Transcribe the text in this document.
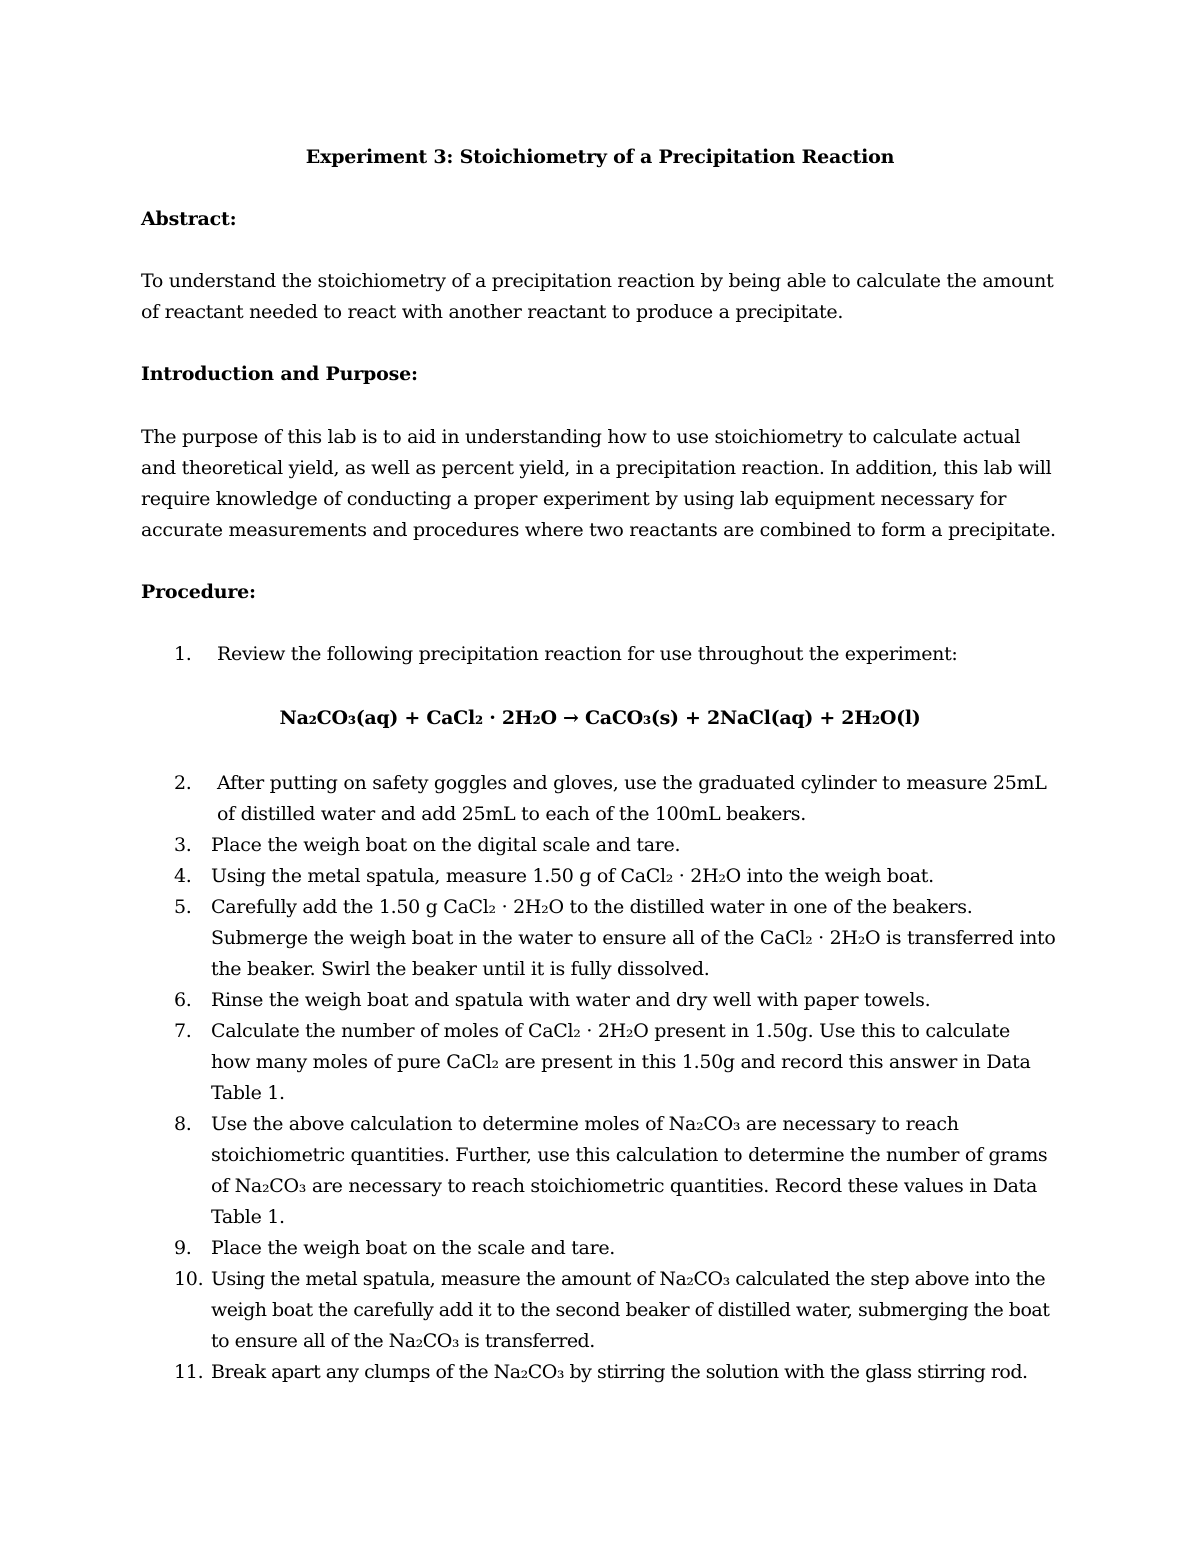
Experiment 3: Stoichiometry of a Precipitation Reaction
Abstract:
To understand the stoichiometry of a precipitation reaction by being able to calculate the amount of reactant needed to react with another reactant to produce a precipitate.
Introduction and Purpose:
The purpose of this lab is to aid in understanding how to use stoichiometry to calculate actual and theoretical yield, as well as percent yield, in a precipitation reaction. In addition, this lab will require knowledge of conducting a proper experiment by using lab equipment necessary for accurate measurements and procedures where two reactants are combined to form a precipitate.
Procedure:
1.	Review the following precipitation reaction for use throughout the experiment:
Na₂CO₃(aq) + CaCl₂ · 2H₂O → CaCO₃(s) + 2NaCl(aq) + 2H₂O(l)
2.	After putting on safety goggles and gloves, use the graduated cylinder to measure 25mL of distilled water and add 25mL to each of the 100mL beakers.
3.	Place the weigh boat on the digital scale and tare.
4.	Using the metal spatula, measure 1.50 g of CaCl₂ · 2H₂O into the weigh boat.
5.	Carefully add the 1.50 g CaCl₂ · 2H₂O to the distilled water in one of the beakers. Submerge the weigh boat in the water to ensure all of the CaCl₂ · 2H₂O is transferred into the beaker. Swirl the beaker until it is fully dissolved.
6.	Rinse the weigh boat and spatula with water and dry well with paper towels.
7.	Calculate the number of moles of CaCl₂ · 2H₂O present in 1.50g. Use this to calculate how many moles of pure CaCl₂ are present in this 1.50g and record this answer in Data Table 1.
8.	Use the above calculation to determine moles of Na₂CO₃ are necessary to reach stoichiometric quantities. Further, use this calculation to determine the number of grams of Na₂CO₃ are necessary to reach stoichiometric quantities. Record these values in Data Table 1.
9.	Place the weigh boat on the scale and tare.
10. Using the metal spatula, measure the amount of Na₂CO₃ calculated the step above into the weigh boat the carefully add it to the second beaker of distilled water, submerging the boat to ensure all of the Na₂CO₃ is transferred.
11. Break apart any clumps of the Na₂CO₃ by stirring the solution with the glass stirring rod.
